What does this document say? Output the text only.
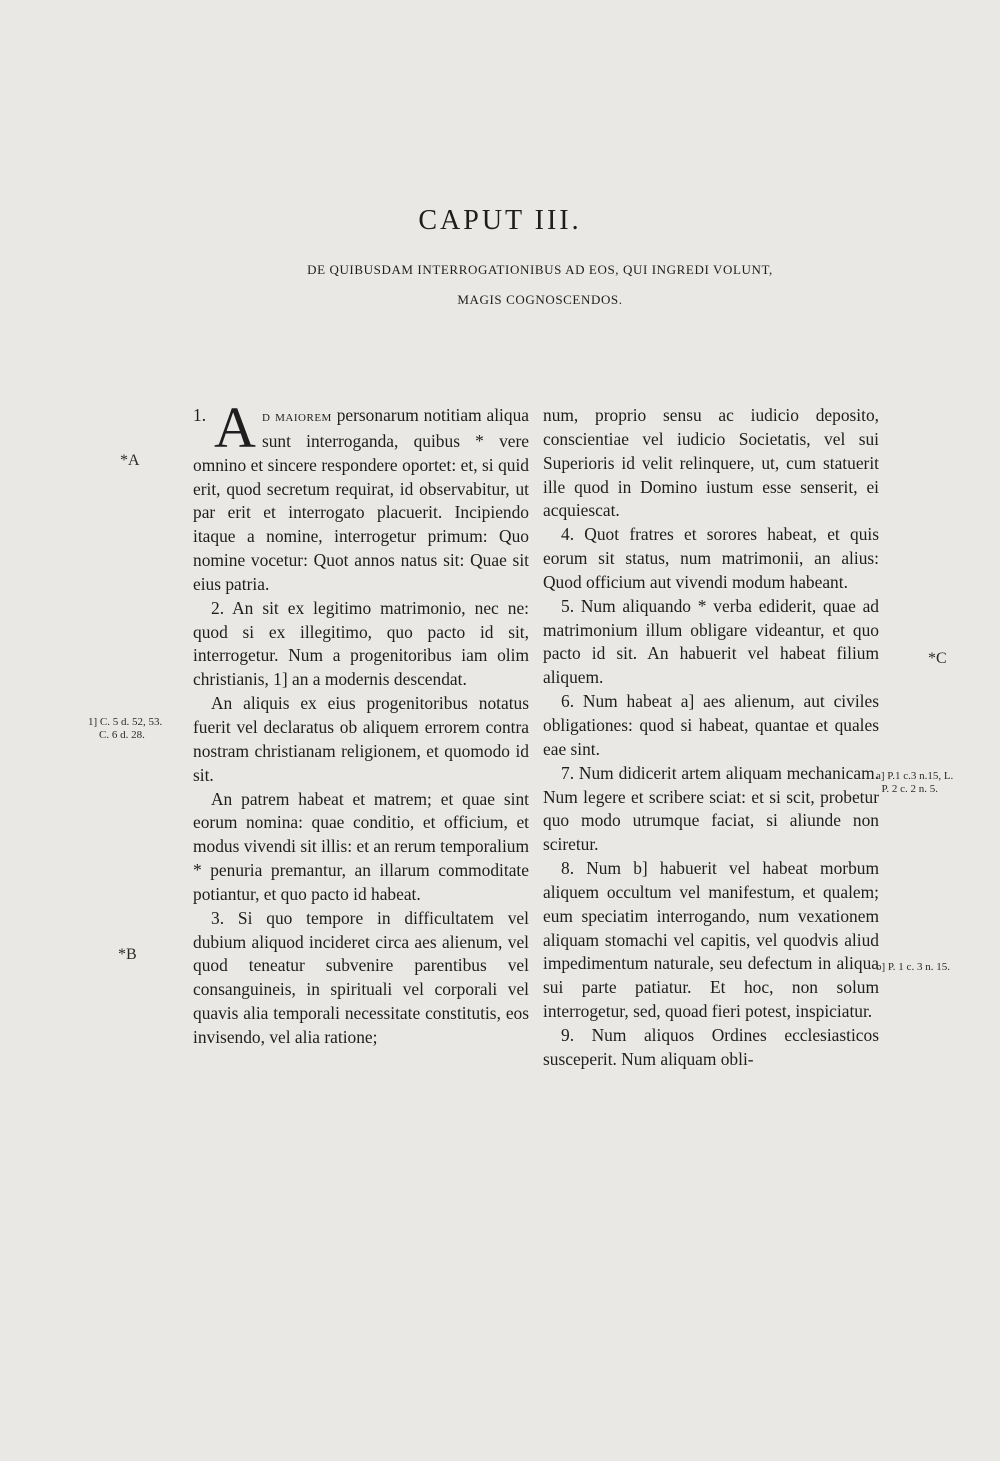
CAPUT III.
DE QUIBUSDAM INTERROGATIONIBUS AD EOS, QUI INGREDI VOLUNT,
MAGIS COGNOSCENDOS.
*A
1] C. 5 d. 52, 53.
C. 6 d. 28.
*B

1. A d maiorem personarum notitiam aliqua sunt interroganda, quibus * vere omnino et sincere respondere oportet: et, si quid erit, quod secretum requirat, id observabitur, ut par erit et interrogato placuerit. Incipiendo itaque a nomine, interrogetur primum: Quo nomine vocetur: Quot annos natus sit: Quae sit eius patria.

2. An sit ex legitimo matrimonio, nec ne: quod si ex illegitimo, quo pacto id sit, interrogetur. Num a progenitoribus iam olim christianis, 1] an a modernis descendat.

An aliquis ex eius progenitoribus notatus fuerit vel declaratus ob aliquem errorem contra nostram christianam religionem, et quomodo id sit.

An patrem habeat et matrem; et quae sint eorum nomina: quae conditio, et officium, et modus vivendi sit illis: et an rerum temporalium * penuria premantur, an illarum commoditate potiantur, et quo pacto id habeat.

3. Si quo tempore in difficultatem vel dubium aliquod incideret circa aes alienum, vel quod teneatur subvenire parentibus vel consanguineis, in spirituali vel corporali vel quavis alia temporali necessitate constitutis, eos invisendo, vel alia ratione;

num, proprio sensu ac iudicio deposito, conscientiae vel iudicio Societatis, vel sui Superioris id velit relinquere, ut, cum statuerit ille quod in Domino iustum esse senserit, ei acquiescat.

4. Quot fratres et sorores habeat, et quis eorum sit status, num matrimonii, an alius: Quod officium aut vivendi modum habeant.

5. Num aliquando * verba ediderit, quae ad matrimonium illum obligare videantur, et quo pacto id sit. An habuerit vel habeat filium aliquem.

6. Num habeat a] aes alienum, aut civiles obligationes: quod si habeat, quantae et quales eae sint.

7. Num didicerit artem aliquam mechanicam. Num legere et scribere sciat: et si scit, probetur quo modo utrumque faciat, si aliunde non sciretur.

8. Num b] habuerit vel habeat morbum aliquem occultum vel manifestum, et qualem; eum speciatim interrogando, num vexationem aliquam stomachi vel capitis, vel quodvis aliud impedimentum naturale, seu defectum in aliqua sui parte patiatur. Et hoc, non solum interrogetur, sed, quoad fieri potest, inspiciatur.

9. Num aliquos Ordines ecclesiasticos susceperit. Num aliquam obli-

*C
a] P.1 c.3 n.15, L.
P. 2 c. 2 n. 5.
b] P. 1 c. 3 n. 15.
